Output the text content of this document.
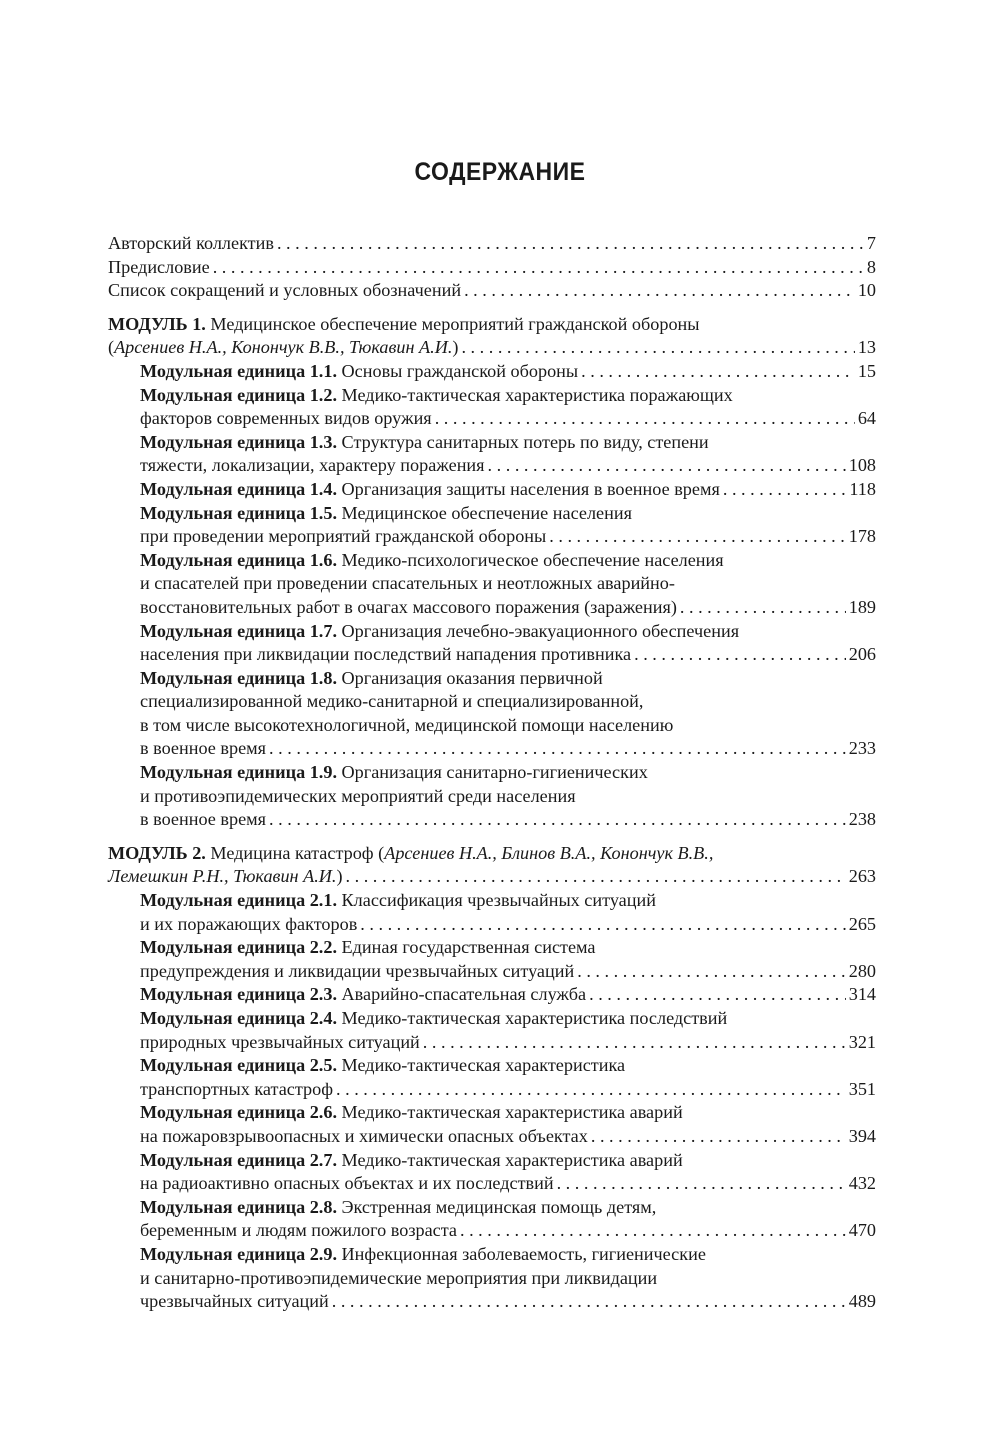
СОДЕРЖАНИЕ
Авторский коллектив . . .	7
Предисловие . . .	8
Список сокращений и условных обозначений . . .	10
МОДУЛЬ 1. Медицинское обеспечение мероприятий гражданской обороны
(Арсениев Н.А., Конончук В.В., Тюкавин А.И.) . . .	13
Модульная единица 1.1. Основы гражданской обороны . . .	15
Модульная единица 1.2. Медико-тактическая характеристика поражающих
факторов современных видов оружия . . .	64
Модульная единица 1.3. Структура санитарных потерь по виду, степени
тяжести, локализации, характеру поражения . . .	108
Модульная единица 1.4. Организация защиты населения в военное время . . .	118
Модульная единица 1.5. Медицинское обеспечение населения
при проведении мероприятий гражданской обороны . . .	178
Модульная единица 1.6. Медико-психологическое обеспечение населения
и спасателей при проведении спасательных и неотложных аварийно-
восстановительных работ в очагах массового поражения (заражения) . . .	189
Модульная единица 1.7. Организация лечебно-эвакуационного обеспечения
населения при ликвидации последствий нападения противника . . .	206
Модульная единица 1.8. Организация оказания первичной
специализированной медико-санитарной и специализированной,
в том числе высокотехнологичной, медицинской помощи населению
в военное время . . .	233
Модульная единица 1.9. Организация санитарно-гигиенических
и противоэпидемических мероприятий среди населения
в военное время . . .	238
МОДУЛЬ 2. Медицина катастроф (Арсениев Н.А., Блинов В.А., Конончук В.В.,
Лемешкин Р.Н., Тюкавин А.И.) . . .	263
Модульная единица 2.1. Классификация чрезвычайных ситуаций
и их поражающих факторов . . .	265
Модульная единица 2.2. Единая государственная система
предупреждения и ликвидации чрезвычайных ситуаций . . .	280
Модульная единица 2.3. Аварийно-спасательная служба . . .	314
Модульная единица 2.4. Медико-тактическая характеристика последствий
природных чрезвычайных ситуаций . . .	321
Модульная единица 2.5. Медико-тактическая характеристика
транспортных катастроф . . .	351
Модульная единица 2.6. Медико-тактическая характеристика аварий
на пожаровзрывоопасных и химически опасных объектах . . .	394
Модульная единица 2.7. Медико-тактическая характеристика аварий
на радиоактивно опасных объектах и их последствий . . .	432
Модульная единица 2.8. Экстренная медицинская помощь детям,
беременным и людям пожилого возраста . . .	470
Модульная единица 2.9. Инфекционная заболеваемость, гигиенические
и санитарно-противоэпидемические мероприятия при ликвидации
чрезвычайных ситуаций . . .	489
